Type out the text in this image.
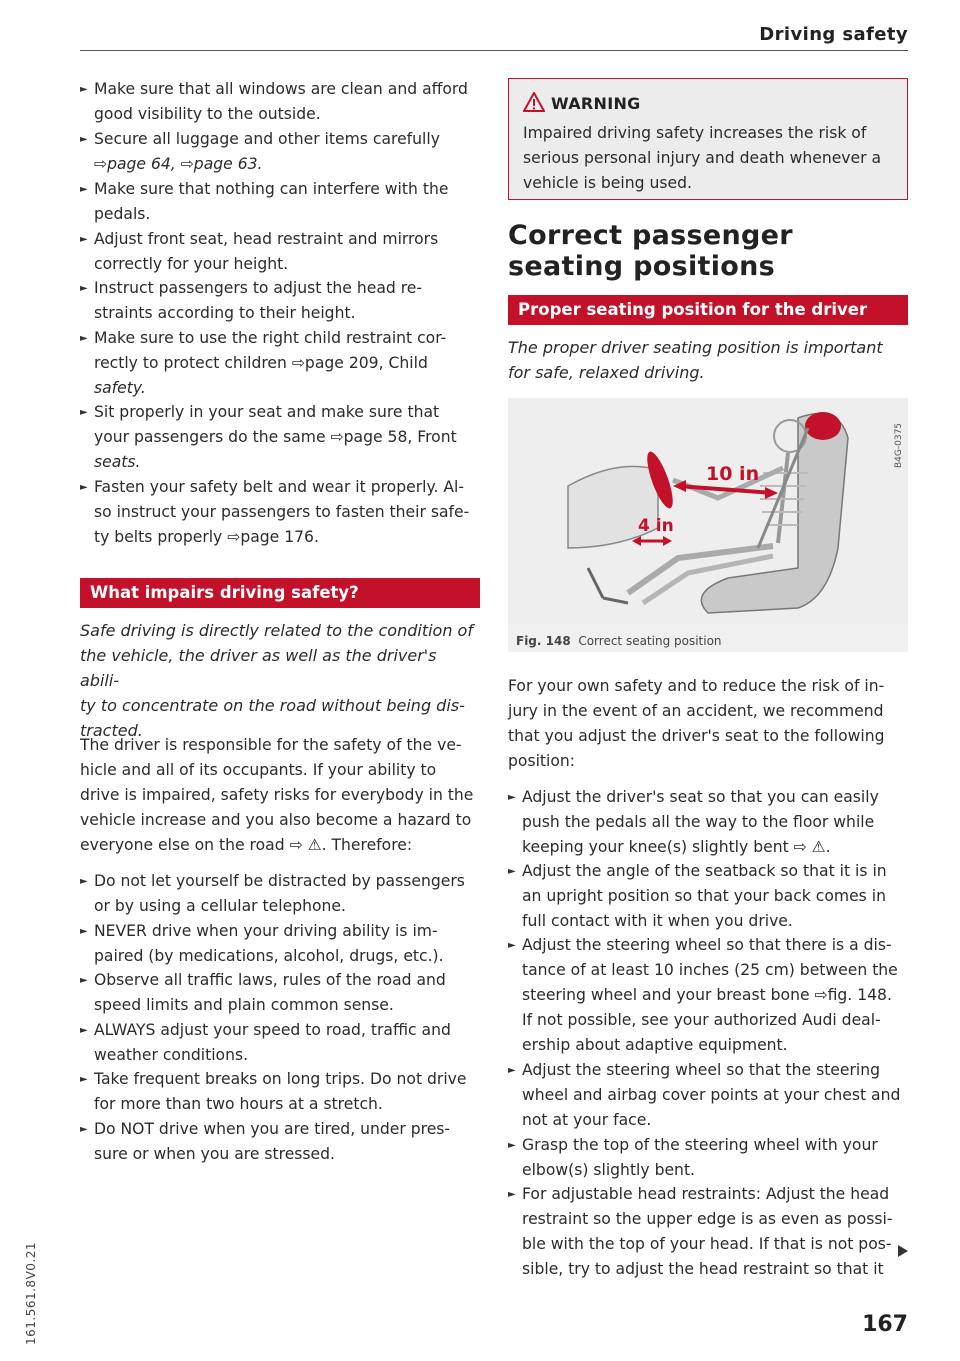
Driving safety
161.561.8V0.21
► Make sure that all windows are clean and afford
good visibility to the outside.
► Secure all luggage and other items carefully
⇨page 64, ⇨page 63.
► Make sure that nothing can interfere with the
pedals.
► Adjust front seat, head restraint and mirrors
correctly for your height.
► Instruct passengers to adjust the head re-
straints according to their height.
► Make sure to use the right child restraint cor-
rectly to protect children ⇨page 209, Child
safety.
► Sit properly in your seat and make sure that
your passengers do the same ⇨page 58, Front
seats.
► Fasten your safety belt and wear it properly. Al-
so instruct your passengers to fasten their safe-
ty belts properly ⇨page 176.
What impairs driving safety?
Safe driving is directly related to the condition of
the vehicle, the driver as well as the driver's abili-
ty to concentrate on the road without being dis-
tracted.
The driver is responsible for the safety of the ve-
hicle and all of its occupants. If your ability to
drive is impaired, safety risks for everybody in the
vehicle increase and you also become a hazard to
everyone else on the road ⇨ ⚠. Therefore:
► Do not let yourself be distracted by passengers
or by using a cellular telephone.
► NEVER drive when your driving ability is im-
paired (by medications, alcohol, drugs, etc.).
► Observe all traffic laws, rules of the road and
speed limits and plain common sense.
► ALWAYS adjust your speed to road, traffic and
weather conditions.
► Take frequent breaks on long trips. Do not drive
for more than two hours at a stretch.
► Do NOT drive when you are tired, under pres-
sure or when you are stressed.
WARNING
Impaired driving safety increases the risk of
serious personal injury and death whenever a
vehicle is being used.
Correct passenger
seating positions
Proper seating position for the driver
The proper driver seating position is important
for safe, relaxed driving.
10 in
4 in
B4G-0375
Fig. 148 Correct seating position
For your own safety and to reduce the risk of in-
jury in the event of an accident, we recommend
that you adjust the driver's seat to the following
position:
► Adjust the driver's seat so that you can easily
push the pedals all the way to the floor while
keeping your knee(s) slightly bent ⇨ ⚠.
► Adjust the angle of the seatback so that it is in
an upright position so that your back comes in
full contact with it when you drive.
► Adjust the steering wheel so that there is a dis-
tance of at least 10 inches (25 cm) between the
steering wheel and your breast bone ⇨fig. 148.
If not possible, see your authorized Audi deal-
ership about adaptive equipment.
► Adjust the steering wheel so that the steering
wheel and airbag cover points at your chest and
not at your face.
► Grasp the top of the steering wheel with your
elbow(s) slightly bent.
► For adjustable head restraints: Adjust the head
restraint so the upper edge is as even as possi-
ble with the top of your head. If that is not pos-
sible, try to adjust the head restraint so that it
167
